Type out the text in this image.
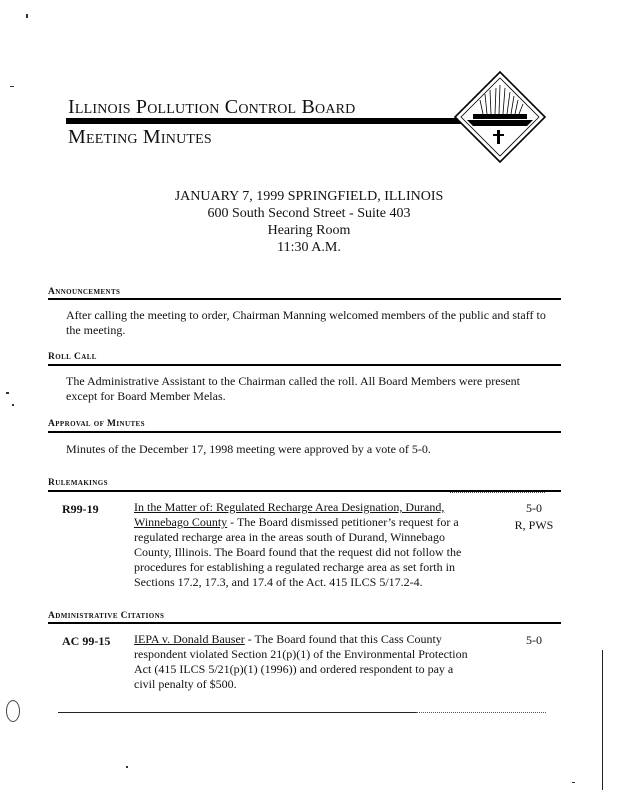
Illinois Pollution Control Board
Meeting Minutes
JANUARY 7, 1999 SPRINGFIELD, ILLINOIS
600 South Second Street - Suite 403
Hearing Room
11:30 A.M.
Announcements
After calling the meeting to order, Chairman Manning welcomed members of the public and staff to the meeting.
Roll Call
The Administrative Assistant to the Chairman called the roll. All Board Members were present except for Board Member Melas.
Approval of Minutes
Minutes of the December 17, 1998 meeting were approved by a vote of 5-0.
Rulemakings
R99-19	In the Matter of: Regulated Recharge Area Designation, Durand, Winnebago County - The Board dismissed petitioner’s request for a regulated recharge area in the areas south of Durand, Winnebago County, Illinois. The Board found that the request did not follow the procedures for establishing a regulated recharge area as set forth in Sections 17.2, 17.3, and 17.4 of the Act. 415 ILCS 5/17.2-4.
5-0
R, PWS
Administrative Citations
AC 99-15 IEPA v. Donald Bauser - The Board found that this Cass County respondent violated Section 21(p)(1) of the Environmental Protection Act (415 ILCS 5/21(p)(1) (1996)) and ordered respondent to pay a civil penalty of $500.
5-0
